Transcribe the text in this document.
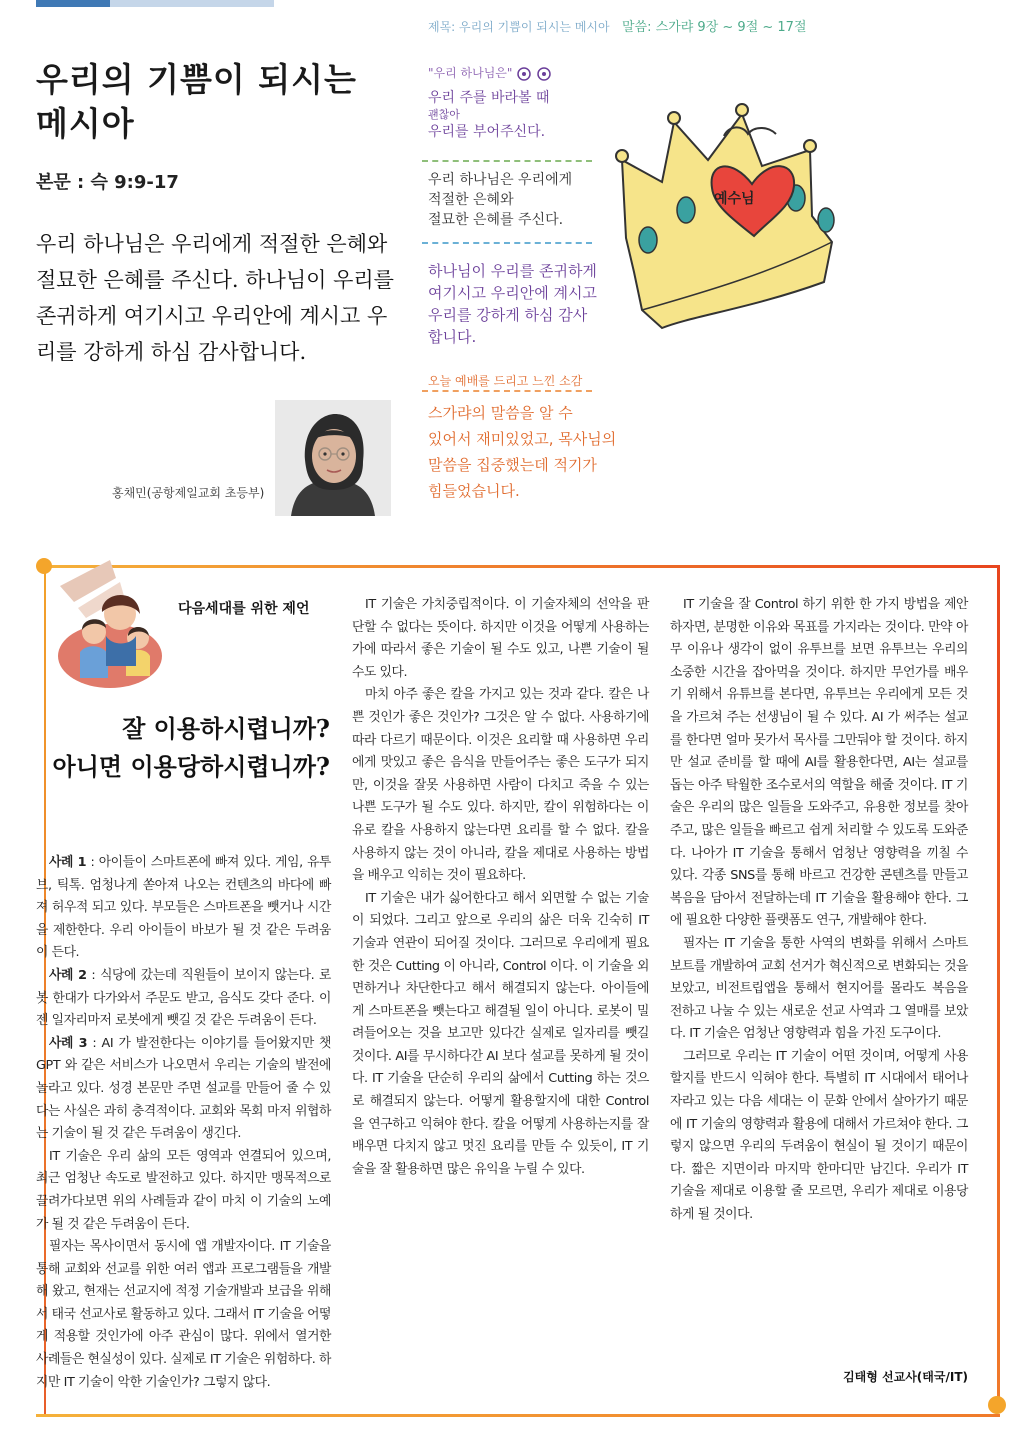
우리의 기쁨이 되시는
메시아
본문 : 슥 9:9-17
우리 하나님은 우리에게 적절한 은혜와 절묘한 은혜를 주신다. 하나님이 우리를 존귀하게 여기시고 우리안에 계시고 우리를 강하게 하심 감사합니다.
홍채민(공항제일교회 초등부)
예수님
제목: 우리의 기쁨이 되시는 메시아 말씀: 스가랴 9장 ~ 9절 ~ 17절
"우리 하나님은"
우리 주를 바라볼 때
괜찮아
우리를 부어주신다.
우리 하나님은 우리에게
적절한 은혜와
절묘한 은혜를 주신다.
하나님이 우리를 존귀하게
여기시고 우리안에 계시고
우리를 강하게 하심 감사
합니다.
오늘 예배를 드리고 느낀 소감
스가랴의 말씀을 알 수
있어서 재미있었고, 목사님의
말씀을 집중했는데 적기가
힘들었습니다.
다음세대를 위한 제언
잘 이용하시렵니까?
아니면 이용당하시렵니까?

사례 1 : 아이들이 스마트폰에 빠져 있다. 게임, 유투브, 틱톡. 엄청나게 쏟아져 나오는 컨텐츠의 바다에 빠져 허우적 되고 있다. 부모들은 스마트폰을 뺏거나 시간을 제한한다. 우리 아이들이 바보가 될 것 같은 두려움이 든다.

사례 2 : 식당에 갔는데 직원들이 보이지 않는다. 로봇 한대가 다가와서 주문도 받고, 음식도 갖다 준다. 이젠 일자리마저 로봇에게 뺏길 것 같은 두려움이 든다.

사례 3 : AI 가 발전한다는 이야기를 들어왔지만 챗 GPT 와 같은 서비스가 나오면서 우리는 기술의 발전에 놀라고 있다. 성경 본문만 주면 설교를 만들어 줄 수 있다는 사실은 과히 충격적이다. 교회와 목회 마저 위협하는 기술이 될 것 같은 두려움이 생긴다.

IT 기술은 우리 삶의 모든 영역과 연결되어 있으며, 최근 엄청난 속도로 발전하고 있다. 하지만 맹목적으로 끌려가다보면 위의 사례들과 같이 마치 이 기술의 노예가 될 것 같은 두려움이 든다.

필자는 목사이면서 동시에 앱 개발자이다. IT 기술을 통해 교회와 선교를 위한 여러 앱과 프로그램들을 개발해 왔고, 현재는 선교지에 적정 기술개발과 보급을 위해서 태국 선교사로 활동하고 있다. 그래서 IT 기술을 어떻게 적용할 것인가에 아주 관심이 많다. 위에서 열거한 사례들은 현실성이 있다. 실제로 IT 기술은 위험하다. 하지만 IT 기술이 악한 기술인가? 그렇지 않다.

IT 기술은 가치중립적이다. 이 기술자체의 선악을 판단할 수 없다는 뜻이다. 하지만 이것을 어떻게 사용하는가에 따라서 좋은 기술이 될 수도 있고, 나쁜 기술이 될 수도 있다.

마치 아주 좋은 칼을 가지고 있는 것과 같다. 칼은 나쁜 것인가 좋은 것인가? 그것은 알 수 없다. 사용하기에 따라 다르기 때문이다. 이것은 요리할 때 사용하면 우리에게 맛있고 좋은 음식을 만들어주는 좋은 도구가 되지만, 이것을 잘못 사용하면 사람이 다치고 죽을 수 있는 나쁜 도구가 될 수도 있다. 하지만, 칼이 위험하다는 이유로 칼을 사용하지 않는다면 요리를 할 수 없다. 칼을 사용하지 않는 것이 아니라, 칼을 제대로 사용하는 방법을 배우고 익히는 것이 필요하다.

IT 기술은 내가 싫어한다고 해서 외면할 수 없는 기술이 되었다. 그리고 앞으로 우리의 삶은 더욱 긴숙히 IT 기술과 연관이 되어질 것이다. 그러므로 우리에게 필요한 것은 Cutting 이 아니라, Control 이다. 이 기술을 외면하거나 차단한다고 해서 해결되지 않는다. 아이들에게 스마트폰을 뺏는다고 해결될 일이 아니다. 로봇이 밀려들어오는 것을 보고만 있다간 실제로 일자리를 뺏길 것이다. AI를 무시하다간 AI 보다 설교를 못하게 될 것이다. IT 기술을 단순히 우리의 삶에서 Cutting 하는 것으로 해결되지 않는다. 어떻게 활용할지에 대한 Control 을 연구하고 익혀야 한다. 칼을 어떻게 사용하는지를 잘 배우면 다치지 않고 멋진 요리를 만들 수 있듯이, IT 기술을 잘 활용하면 많은 유익을 누릴 수 있다.

IT 기술을 잘 Control 하기 위한 한 가지 방법을 제안하자면, 분명한 이유와 목표를 가지라는 것이다. 만약 아무 이유나 생각이 없이 유투브를 보면 유투브는 우리의 소중한 시간을 잡아먹을 것이다. 하지만 무언가를 배우기 위해서 유튜브를 본다면, 유투브는 우리에게 모든 것을 가르쳐 주는 선생님이 될 수 있다. AI 가 써주는 설교를 한다면 얼마 못가서 목사를 그만둬야 할 것이다. 하지만 설교 준비를 할 때에 AI를 활용한다면, AI는 설교를 돕는 아주 탁월한 조수로서의 역할을 해줄 것이다. IT 기술은 우리의 많은 일들을 도와주고, 유용한 정보를 찾아주고, 많은 일들을 빠르고 쉽게 처리할 수 있도록 도와준다. 나아가 IT 기술을 통해서 엄청난 영향력을 끼칠 수 있다. 각종 SNS를 통해 바르고 건강한 콘텐츠를 만들고 복음을 담아서 전달하는데 IT 기술을 활용해야 한다. 그에 필요한 다양한 플랫폼도 연구, 개발해야 한다.

필자는 IT 기술을 통한 사역의 변화를 위해서 스마트보트를 개발하여 교회 선거가 혁신적으로 변화되는 것을 보았고, 비전트립앱을 통해서 현지어를 몰라도 복음을 전하고 나눌 수 있는 새로운 선교 사역과 그 열매를 보았다. IT 기술은 엄청난 영향력과 힘을 가진 도구이다.

그러므로 우리는 IT 기술이 어떤 것이며, 어떻게 사용할지를 반드시 익혀야 한다. 특별히 IT 시대에서 태어나 자라고 있는 다음 세대는 이 문화 안에서 살아가기 때문에 IT 기술의 영향력과 활용에 대해서 가르쳐야 한다. 그렇지 않으면 우리의 두려움이 현실이 될 것이기 때문이다. 짧은 지면이라 마지막 한마디만 남긴다. 우리가 IT 기술을 제대로 이용할 줄 모르면, 우리가 제대로 이용당하게 될 것이다.

김태형 선교사(태국/IT)
